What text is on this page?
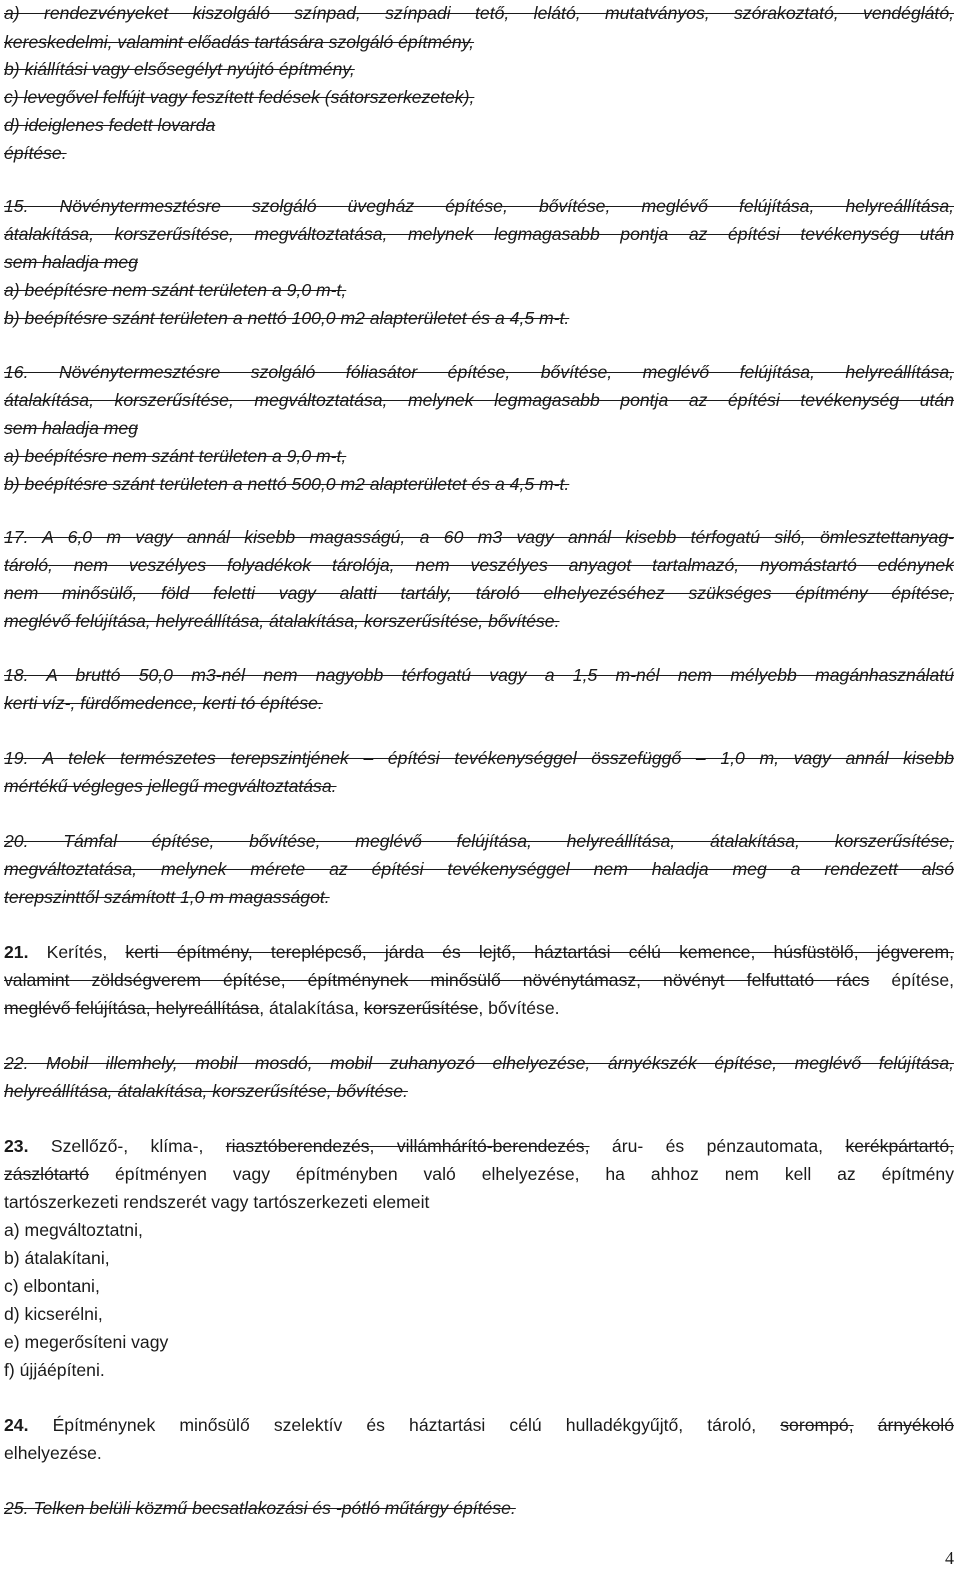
a) rendezvényeket kiszolgáló színpad, színpadi tető, lelátó, mutatványos, szórakoztató, vendéglátó,
kereskedelmi, valamint előadás tartására szolgáló építmény,
b) kiállítási vagy elsősegélyt nyújtó építmény,
c) levegővel felfújt vagy feszített fedések (sátorszerkezetek),
d) ideiglenes fedett lovarda
építése.
15. Növénytermesztésre szolgáló üvegház építése, bővítése, meglévő felújítása, helyreállítása,
átalakítása, korszerűsítése, megváltoztatása, melynek legmagasabb pontja az építési tevékenység után
sem haladja meg
a) beépítésre nem szánt területen a 9,0 m-t,
b) beépítésre szánt területen a nettó 100,0 m2 alapterületet és a 4,5 m-t.
16. Növénytermesztésre szolgáló fóliasátor építése, bővítése, meglévő felújítása, helyreállítása,
átalakítása, korszerűsítése, megváltoztatása, melynek legmagasabb pontja az építési tevékenység után
sem haladja meg
a) beépítésre nem szánt területen a 9,0 m-t,
b) beépítésre szánt területen a nettó 500,0 m2 alapterületet és a 4,5 m-t.
17. A 6,0 m vagy annál kisebb magasságú, a 60 m3 vagy annál kisebb térfogatú siló, ömlesztettanyag-
tároló, nem veszélyes folyadékok tárolója, nem veszélyes anyagot tartalmazó, nyomástartó edénynek
nem minősülő, föld feletti vagy alatti tartály, tároló elhelyezéséhez szükséges építmény építése,
meglévő felújítása, helyreállítása, átalakítása, korszerűsítése, bővítése.
18. A bruttó 50,0 m3-nél nem nagyobb térfogatú vagy a 1,5 m-nél nem mélyebb magánhasználatú
kerti víz-, fürdőmedence, kerti tó építése.
19. A telek természetes terepszintjének – építési tevékenységgel összefüggő – 1,0 m, vagy annál kisebb
mértékű végleges jellegű megváltoztatása.
20. Támfal építése, bővítése, meglévő felújítása, helyreállítása, átalakítása, korszerűsítése,
megváltoztatása, melynek mérete az építési tevékenységgel nem haladja meg a rendezett alsó
terepszinttől számított 1,0 m magasságot.
21. Kerítés, kerti építmény, tereplépcső, járda és lejtő, háztartási célú kemence, húsfüstölő, jégverem,
valamint zöldségverem építése, építménynek minősülő növénytámasz, növényt felfuttató rács építése,
meglévő felújítása, helyreállítása, átalakítása, korszerűsítése, bővítése.
22. Mobil illemhely, mobil mosdó, mobil zuhanyozó elhelyezése, árnyékszék építése, meglévő felújítása,
helyreállítása, átalakítása, korszerűsítése, bővítése.
23. Szellőző-, klíma-, riasztóberendezés, villámhárító-berendezés, áru- és pénzautomata, kerékpártartó,
zászlótartó építményen vagy építményben való elhelyezése, ha ahhoz nem kell az építmény
tartószerkezeti rendszerét vagy tartószerkezeti elemeit
a) megváltoztatni,
b) átalakítani,
c) elbontani,
d) kicserélni,
e) megerősíteni vagy
f) újjáépíteni.
24. Építménynek minősülő szelektív és háztartási célú hulladékgyűjtő, tároló, sorompó, árnyékoló
elhelyezése.
25. Telken belüli közmű becsatlakozási és -pótló műtárgy építése.
4
